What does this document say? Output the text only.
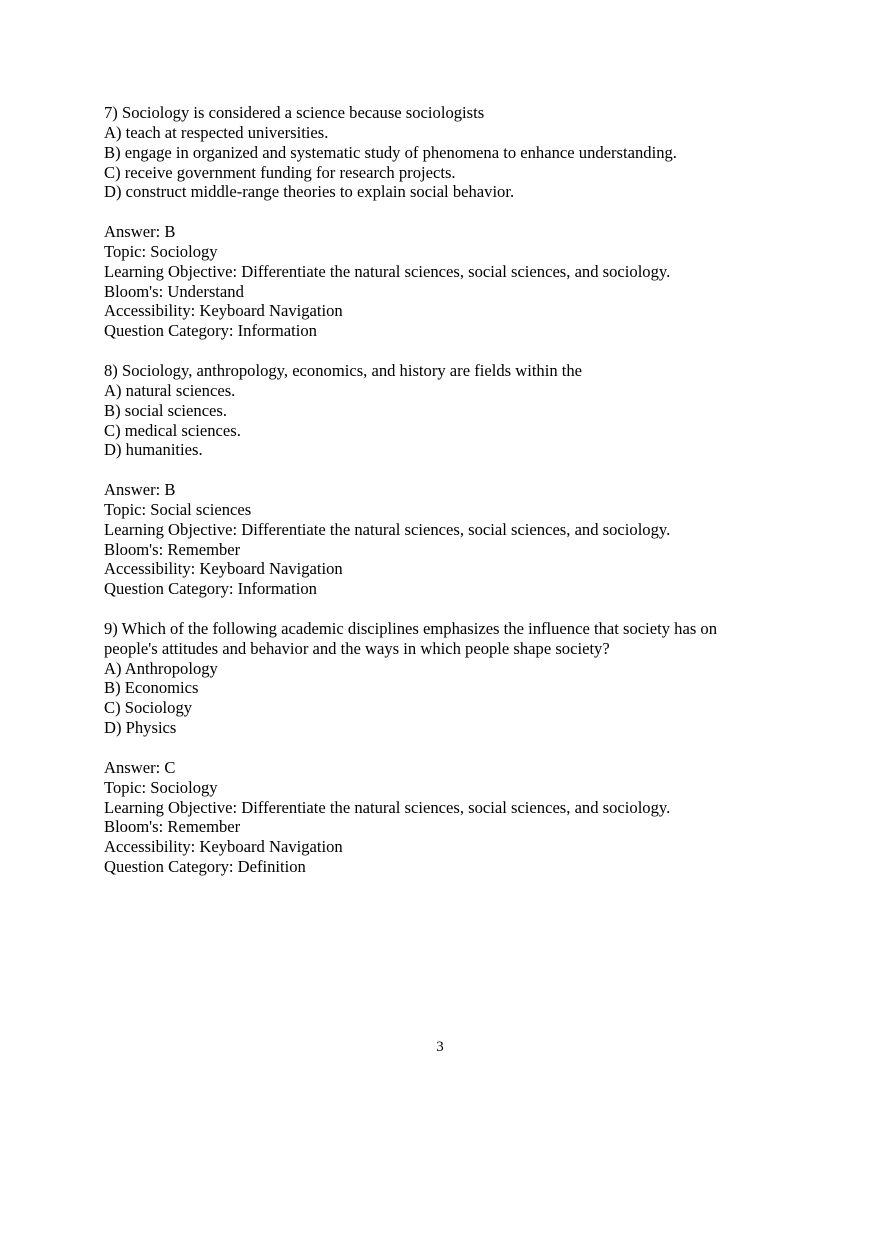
7) Sociology is considered a science because sociologists
A) teach at respected universities.
B) engage in organized and systematic study of phenomena to enhance understanding.
C) receive government funding for research projects.
D) construct middle-range theories to explain social behavior.
Answer: B
Topic: Sociology
Learning Objective: Differentiate the natural sciences, social sciences, and sociology.
Bloom's: Understand
Accessibility: Keyboard Navigation
Question Category: Information
8) Sociology, anthropology, economics, and history are fields within the
A) natural sciences.
B) social sciences.
C) medical sciences.
D) humanities.
Answer: B
Topic: Social sciences
Learning Objective: Differentiate the natural sciences, social sciences, and sociology.
Bloom's: Remember
Accessibility: Keyboard Navigation
Question Category: Information
9) Which of the following academic disciplines emphasizes the influence that society has on
people's attitudes and behavior and the ways in which people shape society?
A) Anthropology
B) Economics
C) Sociology
D) Physics
Answer: C
Topic: Sociology
Learning Objective: Differentiate the natural sciences, social sciences, and sociology.
Bloom's: Remember
Accessibility: Keyboard Navigation
Question Category: Definition
3
